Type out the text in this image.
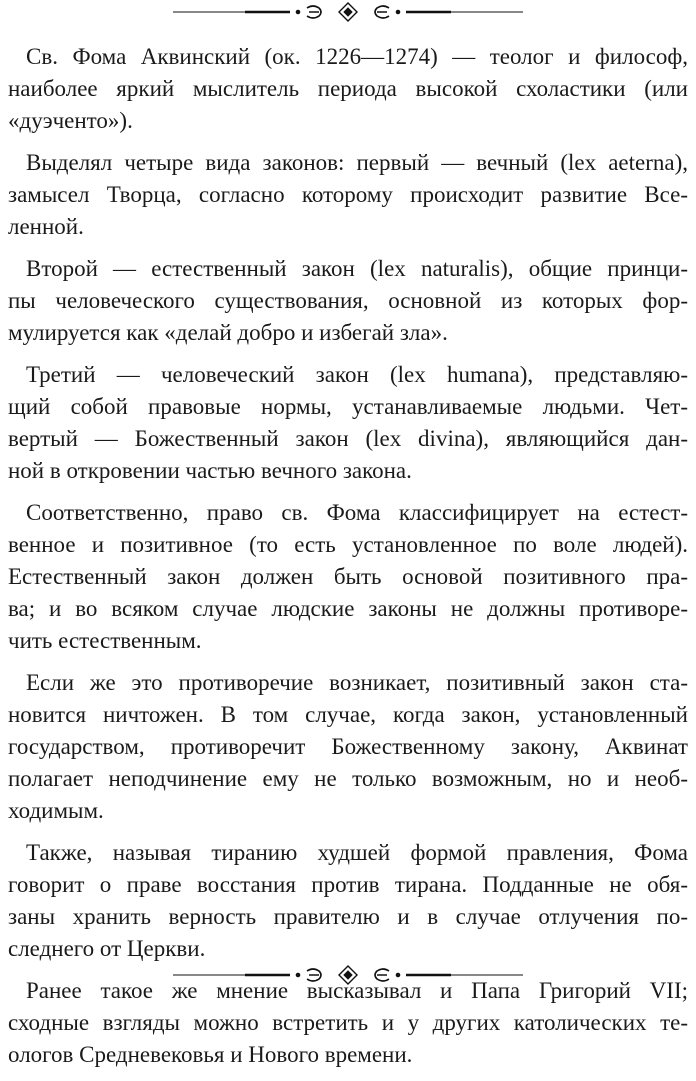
Св. Фома Аквинский (ок. 1226—1274) — теолог и философ,
наиболее яркий мыслитель периода высокой схоластики (или
«дуэченто»).
Выделял четыре вида законов: первый — вечный (lex aeterna),
замысел Творца, согласно которому происходит развитие Все-
ленной.
Второй — естественный закон (lex naturalis), общие принци-
пы человеческого существования, основной из которых фор-
мулируется как «делай добро и избегай зла».
Третий — человеческий закон (lex humana), представляю-
щий собой правовые нормы, устанавливаемые людьми. Чет-
вертый — Божественный закон (lex divina), являющийся дан-
ной в откровении частью вечного закона.
Соответственно, право св. Фома классифицирует на естест-
венное и позитивное (то есть установленное по воле людей).
Естественный закон должен быть основой позитивного пра-
ва; и во всяком случае людские законы не должны противоре-
чить естественным.
Если же это противоречие возникает, позитивный закон ста-
новится ничтожен. В том случае, когда закон, установленный
государством, противоречит Божественному закону, Аквинат
полагает неподчинение ему не только возможным, но и необ-
ходимым.
Также, называя тиранию худшей формой правления, Фома
говорит о праве восстания против тирана. Подданные не обя-
заны хранить верность правителю и в случае отлучения по-
следнего от Церкви.
Ранее такое же мнение высказывал и Папа Григорий VII;
сходные взгляды можно встретить и у других католических те-
ологов Средневековья и Нового времени.
